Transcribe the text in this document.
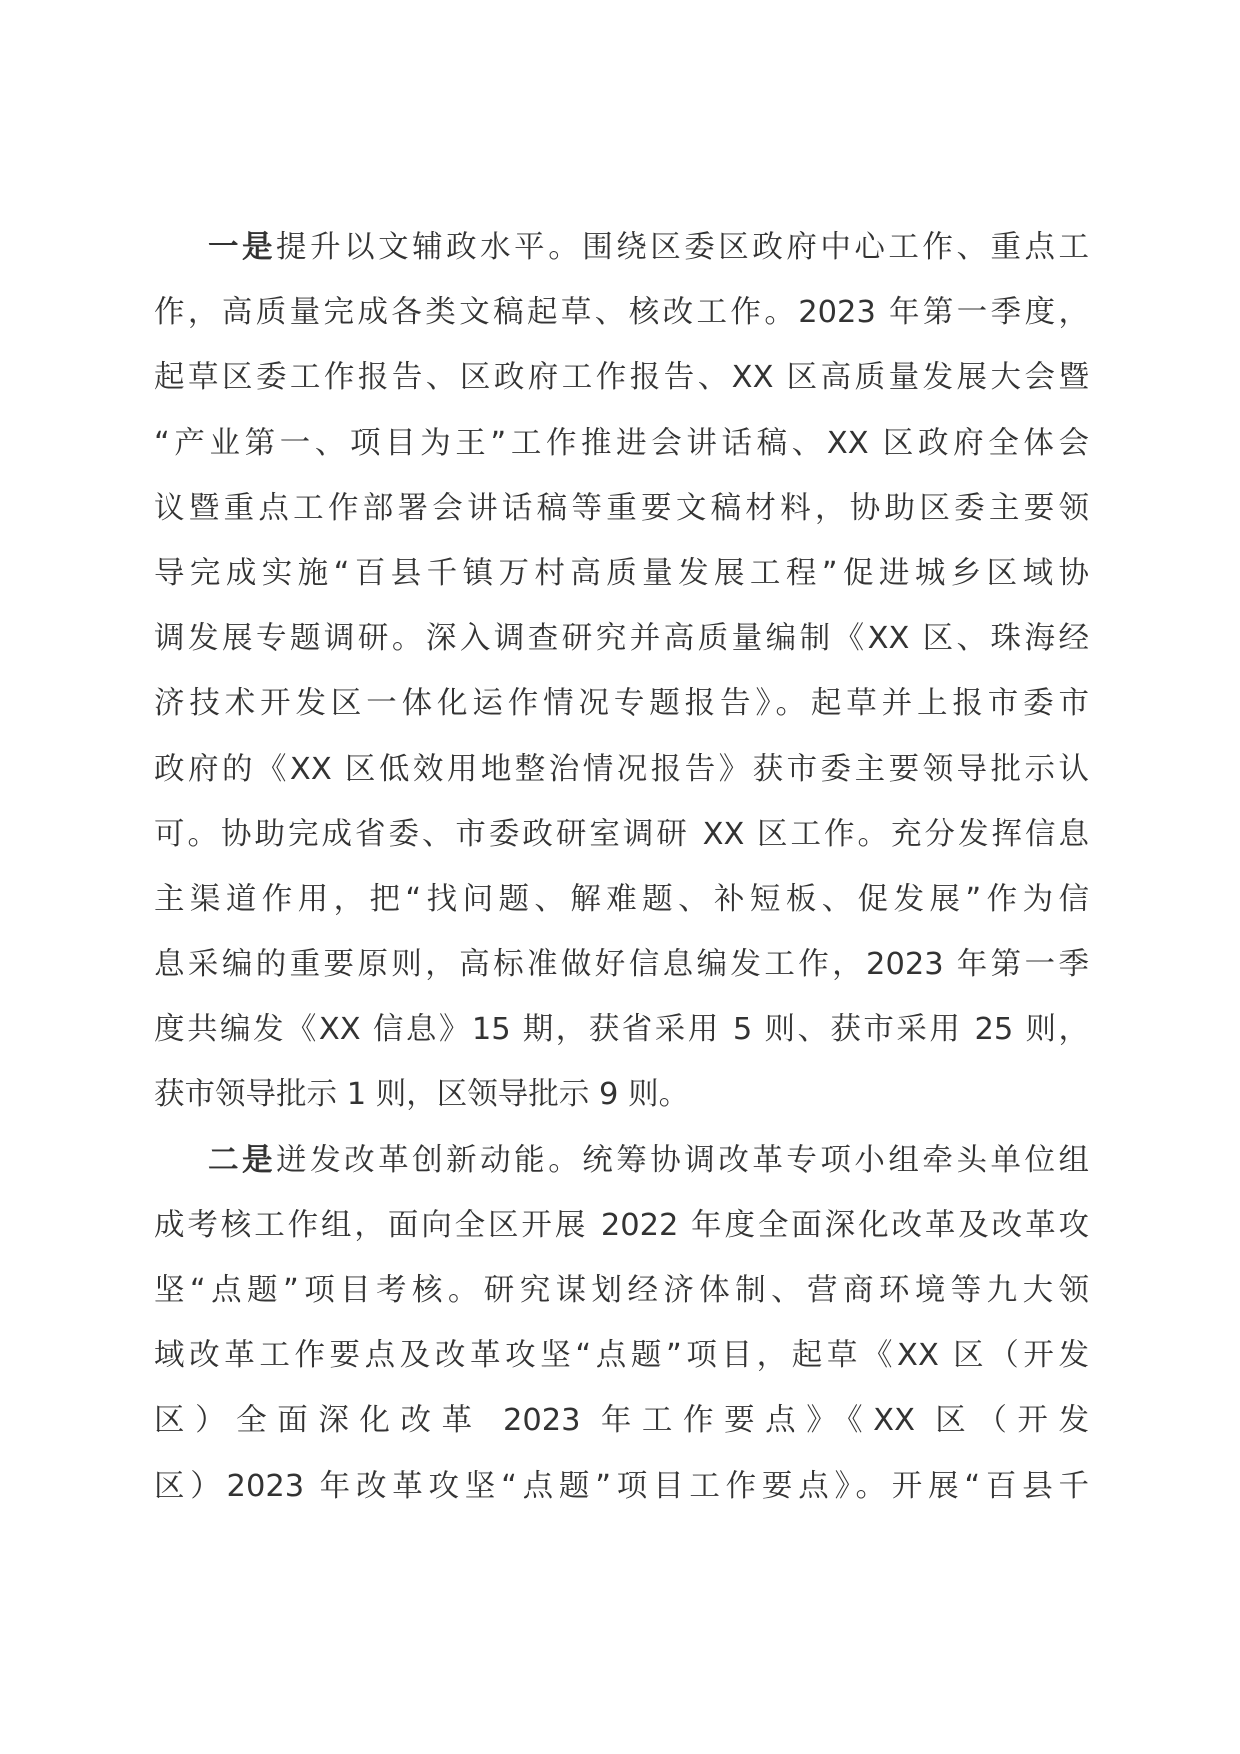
一是提升以文辅政水平。围绕区委区政府中心工作、重点工
作，高质量完成各类文稿起草、核改工作。2023 年第一季度，
起草区委工作报告、区政府工作报告、XX 区高质量发展大会暨
“产业第一、项目为王”工作推进会讲话稿、XX 区政府全体会
议暨重点工作部署会讲话稿等重要文稿材料，协助区委主要领
导完成实施“百县千镇万村高质量发展工程”促进城乡区域协
调发展专题调研。深入调查研究并高质量编制《XX 区、珠海经
济技术开发区一体化运作情况专题报告》。起草并上报市委市
政府的《XX 区低效用地整治情况报告》获市委主要领导批示认
可。协助完成省委、市委政研室调研 XX 区工作。充分发挥信息
主渠道作用，把“找问题、解难题、补短板、促发展”作为信
息采编的重要原则，高标准做好信息编发工作，2023 年第一季
度共编发《XX 信息》15 期，获省采用 5 则、获市采用 25 则，
获市领导批示 1 则，区领导批示 9 则。
二是迸发改革创新动能。统筹协调改革专项小组牵头单位组
成考核工作组，面向全区开展 2022 年度全面深化改革及改革攻
坚“点题”项目考核。研究谋划经济体制、营商环境等九大领
域改革工作要点及改革攻坚“点题”项目，起草《XX 区（开发
区）全面深化改革 2023 年工作要点》《XX 区（开发
区）2023 年改革攻坚“点题”项目工作要点》。开展“百县千
